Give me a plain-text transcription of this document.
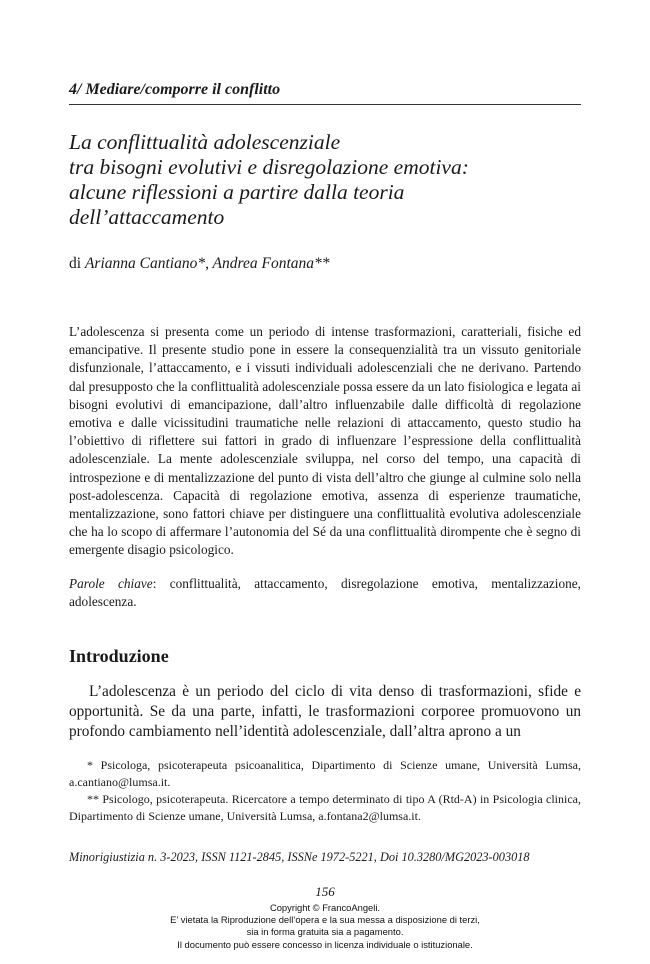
4/ Mediare/comporre il conflitto
La conflittualità adolescenziale
tra bisogni evolutivi e disregolazione emotiva:
alcune riflessioni a partire dalla teoria
dell’attaccamento
di Arianna Cantiano*, Andrea Fontana**

L’adolescenza si presenta come un periodo di intense trasformazioni, caratteriali, fisiche ed emancipative. Il presente studio pone in essere la consequenzialità tra un vissuto genitoriale disfunzionale, l’attaccamento, e i vissuti individuali adolescenziali che ne derivano. Partendo dal presupposto che la conflittualità adolescenziale possa essere da un lato fisiologica e legata ai bisogni evolutivi di emancipazione, dall’altro influenzabile dalle difficoltà di regolazione emotiva e dalle vicissitudini traumatiche nelle relazioni di attaccamento, questo studio ha l’obiettivo di riflettere sui fattori in grado di influenzare l’espressione della conflittualità adolescenziale. La mente adolescenziale sviluppa, nel corso del tempo, una capacità di introspezione e di mentalizzazione del punto di vista dell’altro che giunge al culmine solo nella post-adolescenza. Capacità di regolazione emotiva, assenza di esperienze traumatiche, mentalizzazione, sono fattori chiave per distinguere una conflittualità evolutiva adolescenziale che ha lo scopo di affermare l’autonomia del Sé da una conflittualità dirompente che è segno di emergente disagio psicologico.

Parole chiave: conflittualità, attaccamento, disregolazione emotiva, mentalizzazione, adolescenza.

Introduzione

L’adolescenza è un periodo del ciclo di vita denso di trasformazioni, sfide e opportunità. Se da una parte, infatti, le trasformazioni corporee promuovono un profondo cambiamento nell’identità adolescenziale, dall’altra aprono a un

* Psicologa, psicoterapeuta psicoanalitica, Dipartimento di Scienze umane, Università Lumsa, a.cantiano@lumsa.it.

** Psicologo, psicoterapeuta. Ricercatore a tempo determinato di tipo A (Rtd-A) in Psicologia clinica, Dipartimento di Scienze umane, Università Lumsa, a.fontana2@lumsa.it.

Minorigiustizia n. 3-2023, ISSN 1121-2845, ISSNe 1972-5221, Doi 10.3280/MG2023-003018
156
Copyright © FrancoAngeli.
E’ vietata la Riproduzione dell’opera e la sua messa a disposizione di terzi,
sia in forma gratuita sia a pagamento.
Il documento può essere concesso in licenza individuale o istituzionale.
